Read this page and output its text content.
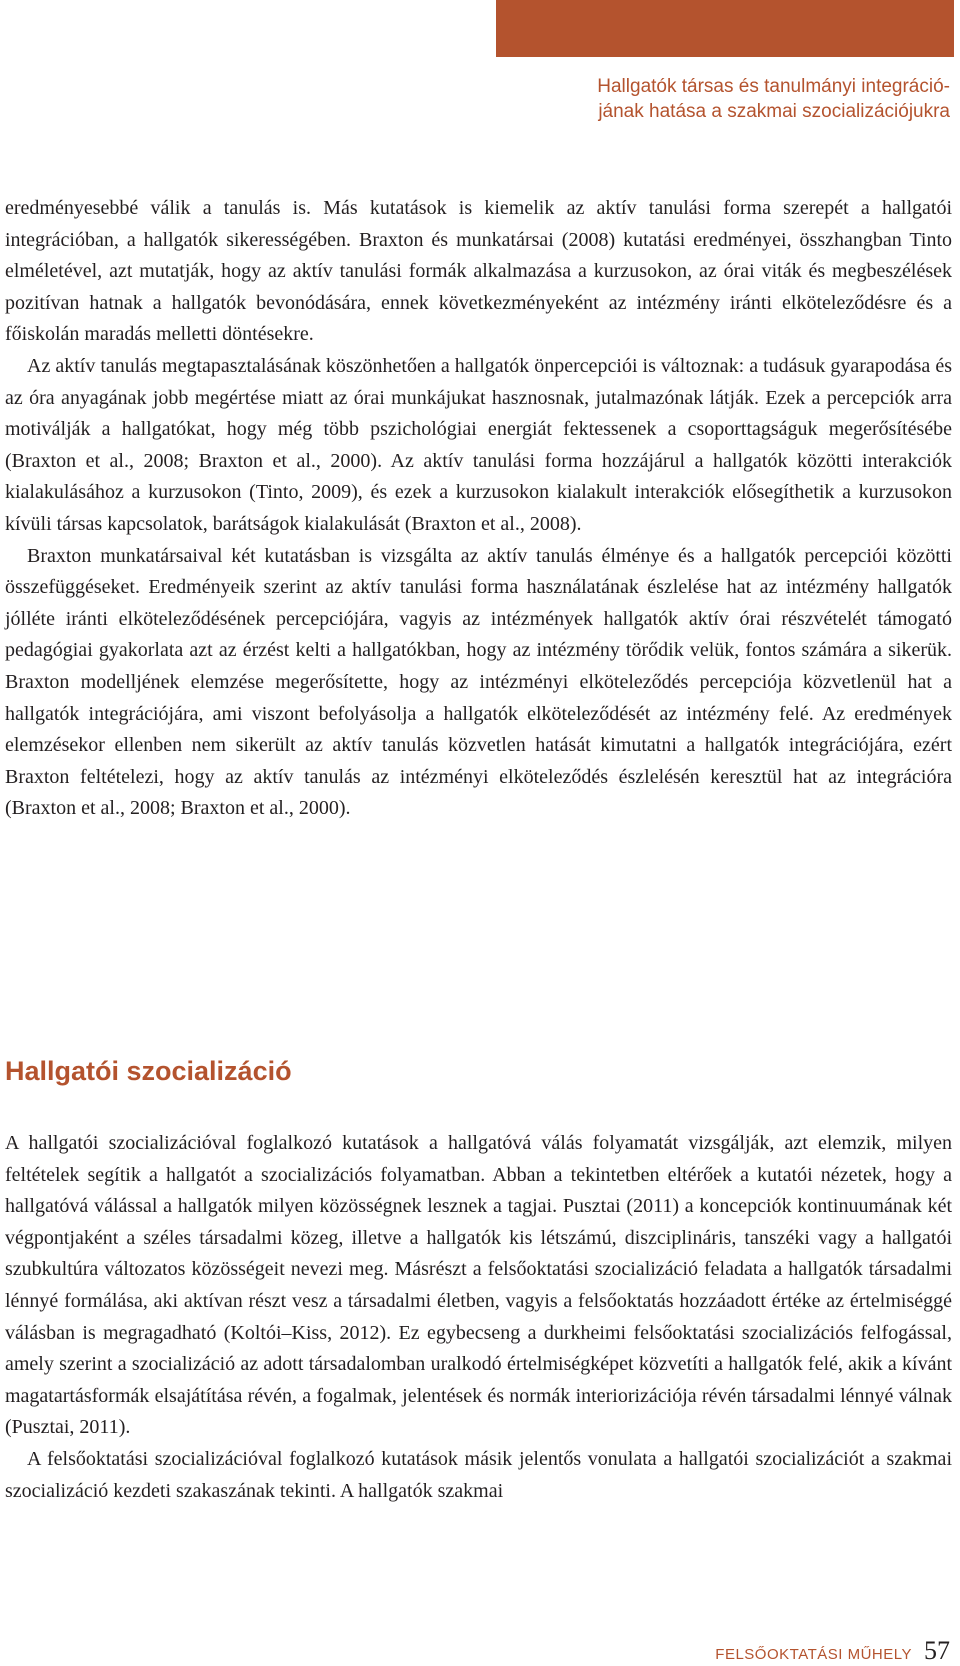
Hallgatók társas és tanulmányi integráció-
jának hatása a szakmai szocializációjukra

eredményesebbé válik a tanulás is. Más kutatások is kiemelik az aktív tanulási forma szerepét a hallgatói integrációban, a hallgatók sikerességében. Braxton és munkatársai (2008) kutatási eredményei, összhangban Tinto elméletével, azt mutatják, hogy az aktív tanulási formák alkalmazása a kurzusokon, az órai viták és megbeszélések pozitívan hatnak a hallgatók bevonódására, ennek következményeként az intézmény iránti elköteleződésre és a főiskolán maradás melletti döntésekre.

Az aktív tanulás megtapasztalásának köszönhetően a hallgatók önpercepciói is változnak: a tudásuk gyarapodása és az óra anyagának jobb megértése miatt az órai munkájukat hasznosnak, jutalmazónak látják. Ezek a percepciók arra motiválják a hallgatókat, hogy még több pszichológiai energiát fektessenek a csoporttagságuk megerősítésébe (Braxton et al., 2008; Braxton et al., 2000). Az aktív tanulási forma hozzájárul a hallgatók közötti interakciók kialakulásához a kurzusokon (Tinto, 2009), és ezek a kurzusokon kialakult interakciók elősegíthetik a kurzusokon kívüli társas kapcsolatok, barátságok kialakulását (Braxton et al., 2008).

Braxton munkatársaival két kutatásban is vizsgálta az aktív tanulás élménye és a hallgatók percepciói közötti összefüggéseket. Eredményeik szerint az aktív tanulási forma használatának észlelése hat az intézmény hallgatók jólléte iránti elköteleződésének percepciójára, vagyis az intézmények hallgatók aktív órai részvételét támogató pedagógiai gyakorlata azt az érzést kelti a hallgatókban, hogy az intézmény törődik velük, fontos számára a sikerük. Braxton modelljének elemzése megerősítette, hogy az intézményi elköteleződés percepciója közvetlenül hat a hallgatók integrációjára, ami viszont befolyásolja a hallgatók elköteleződését az intézmény felé. Az eredmények elemzésekor ellenben nem sikerült az aktív tanulás közvetlen hatását kimutatni a hallgatók integrációjára, ezért Braxton feltételezi, hogy az aktív tanulás az intézményi elköteleződés észlelésén keresztül hat az integrációra (Braxton et al., 2008; Braxton et al., 2000).

Hallgatói szocializáció

A hallgatói szocializációval foglalkozó kutatások a hallgatóvá válás folyamatát vizsgálják, azt elemzik, milyen feltételek segítik a hallgatót a szocializációs folyamatban. Abban a tekintetben eltérőek a kutatói nézetek, hogy a hallgatóvá válással a hallgatók milyen közösségnek lesznek a tagjai. Pusztai (2011) a koncepciók kontinuumának két végpontjaként a széles társadalmi közeg, illetve a hallgatók kis létszámú, diszciplináris, tanszéki vagy a hallgatói szubkultúra változatos közösségeit nevezi meg. Másrészt a felsőoktatási szocializáció feladata a hallgatók társadalmi lénnyé formálása, aki aktívan részt vesz a társadalmi életben, vagyis a felsőoktatás hozzáadott értéke az értelmiséggé válásban is megragadható (Koltói–Kiss, 2012). Ez egybecseng a durkheimi felsőoktatási szocializációs felfogással, amely szerint a szocializáció az adott társadalomban uralkodó értelmiségképet közvetíti a hallgatók felé, akik a kívánt magatartásformák elsajátítása révén, a fogalmak, jelentések és normák interiorizációja révén társadalmi lénnyé válnak (Pusztai, 2011).

A felsőoktatási szocializációval foglalkozó kutatások másik jelentős vonulata a hallgatói szocializációt a szakmai szocializáció kezdeti szakaszának tekinti. A hallgatók szakmai

FELSŐOKTATÁSI MŰHELY 57
